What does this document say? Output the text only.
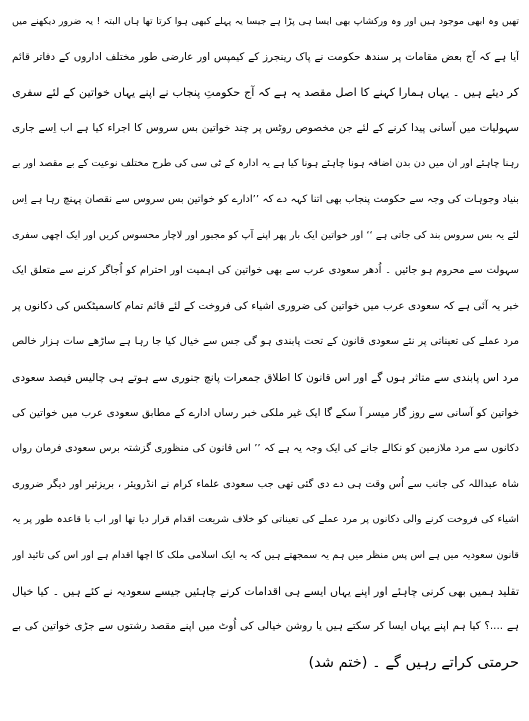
تھیں وہ ابھی موجود ہیں اور وہ ورکشاپ بھی ایسا ہی پڑا ہے جیسا یہ پہلے کبھی ہوا کرتا تھا ہاں البتہ ! یہ ضرور دیکھنے میں
آیا ہے کہ آج بعض مقامات پر سندھ حکومت نے پاک رینجرز کے کیمپس اور عارضی طور مختلف اداروں کے دفاتر قائم
کر دیئے ہیں ۔ یہاں ہمارا کہنے کا اصل مقصد یہ ہے کہ آج حکومتِ پنجاب نے اپنے یہاں خواتین کے لئے سفری
سہولیات میں آسانی پیدا کرنے کے لئے جن مخصوص روٹس پر چند خواتین بس سروس کا اجراء کیا ہے اب اِسے جاری
رہنا چاہئے اور ان میں دن بدن اضافہ ہونا چاہئے ہونا کیا ہے یہ ادارہ کے ٹی سی کی طرح مختلف نوعیت کے بے مقصد اور بے
بنیاد وجوہات کی وجہ سے حکومت پنجاب بھی اتنا کہہ دے کہ ’’ادارے کو خواتین بس سروس سے نقصان پہنچ رہا ہے اِس
لئے یہ بس سروس بند کی جاتی ہے ‘‘ اور خواتین ایک بار پھر اپنے آپ کو مجبور اور لاچار محسوس کریں اور ایک اچھی سفری
سہولت سے محروم ہو جائیں ۔ اُدھر سعودی عرب سے بھی خواتین کی اہمیت اور احترام کو اُجاگر کرنے سے متعلق ایک
خبر یہ آئی ہے کہ سعودی عرب میں خواتین کی ضروری اشیاء کی فروخت کے لئے قائم تمام کاسمیٹکس کی دکانوں پر
مرد عملے کی تعیناتی پر نئے سعودی قانون کے تحت پابندی ہو گی جس سے خیال کیا جا رہا ہے ساڑھے سات ہزار خالص
مرد اس پابندی سے متاثر ہوں گے اور اس قانون کا اطلاق جمعرات پانچ جنوری سے ہوتے ہی چالیس فیصد سعودی
خواتین کو آسانی سے روز گار میسر آ سکے گا ایک غیر ملکی خبر رساں ادارے کے مطابق سعودی عرب میں خواتین کی
دکانوں سے مرد ملازمین کو نکالے جانے کی ایک وجہ یہ ہے کہ ’’ اس قانون کی منظوری گزشتہ برس سعودی فرمان رواں
شاہ عبداللہ کی جانب سے اُس وقت ہی دے دی گئی تھی جب سعودی علماء کرام نے انڈرویئر ، بریزئیر اور دیگر ضروری
اشیاء کی فروخت کرنے والی دکانوں پر مرد عملے کی تعیناتی کو خلاف شریعت اقدام قرار دیا تھا اور اب با قاعدہ طور پر یہ
قانون سعودیہ میں ہے اس پس منظر میں ہم یہ سمجھتے ہیں کہ یہ ایک اسلامی ملک کا اچھا اقدام ہے اور اس کی تائید اور
تقلید ہمیں بھی کرنی چاہئے اور اپنے یہاں ایسے ہی اقدامات کرنے چاہئیں جیسے سعودیہ نے کئے ہیں ۔ کیا خیال
ہے ....؟ کیا ہم اپنے یہاں ایسا کر سکتے ہیں یا روشن خیالی کی اُوٹ میں اپنے مقصد رشتوں سے جڑی خواتین کی بے
حرمتی کراتے رہیں گے ۔ (ختم شد)
